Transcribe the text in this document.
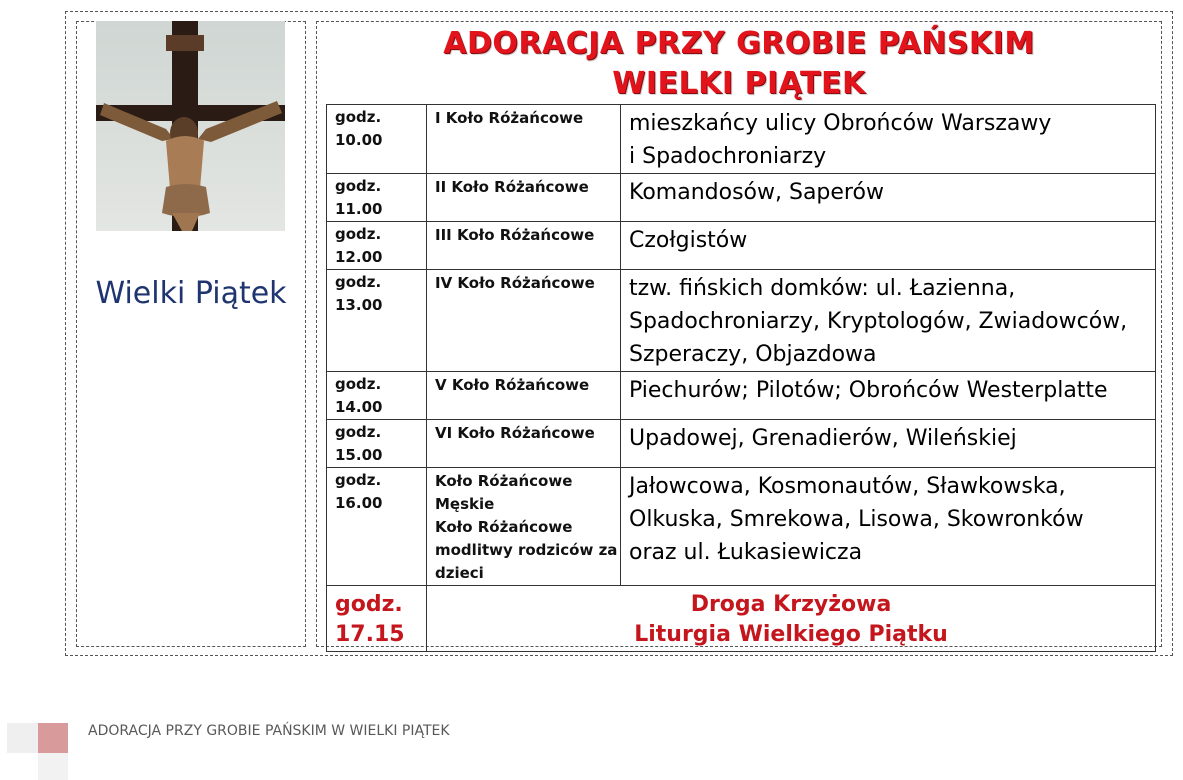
Wielki Piątek
ADORACJA PRZY GROBIE PAŃSKIM
WIELKI PIĄTEK
godz.
10.00	I Koło Różańcowe	mieszkańcy ulicy Obrońców Warszawy
i Spadochroniarzy

godz.
11.00	II Koło Różańcowe	Komandosów, Saperów

godz.
12.00	III Koło Różańcowe	Czołgistów

godz.
13.00	IV Koło Różańcowe	tzw. fińskich domków: ul. Łazienna,
Spadochroniarzy, Kryptologów, Zwiadowców,
Szperaczy, Objazdowa

godz.
14.00	V Koło Różańcowe	Piechurów; Pilotów; Obrońców Westerplatte

godz.
15.00	VI Koło Różańcowe	Upadowej, Grenadierów, Wileńskiej

godz.
16.00	Koło Różańcowe
Męskie
Koło Różańcowe
modlitwy rodziców za
dzieci	Jałowcowa, Kosmonautów, Sławkowska,
Olkuska, Smrekowa, Lisowa, Skowronków
oraz ul. Łukasiewicza

godz.
17.15	Droga Krzyżowa
Liturgia Wielkiego Piątku	
ADORACJA PRZY GROBIE PAŃSKIM W WIELKI PIĄTEK
